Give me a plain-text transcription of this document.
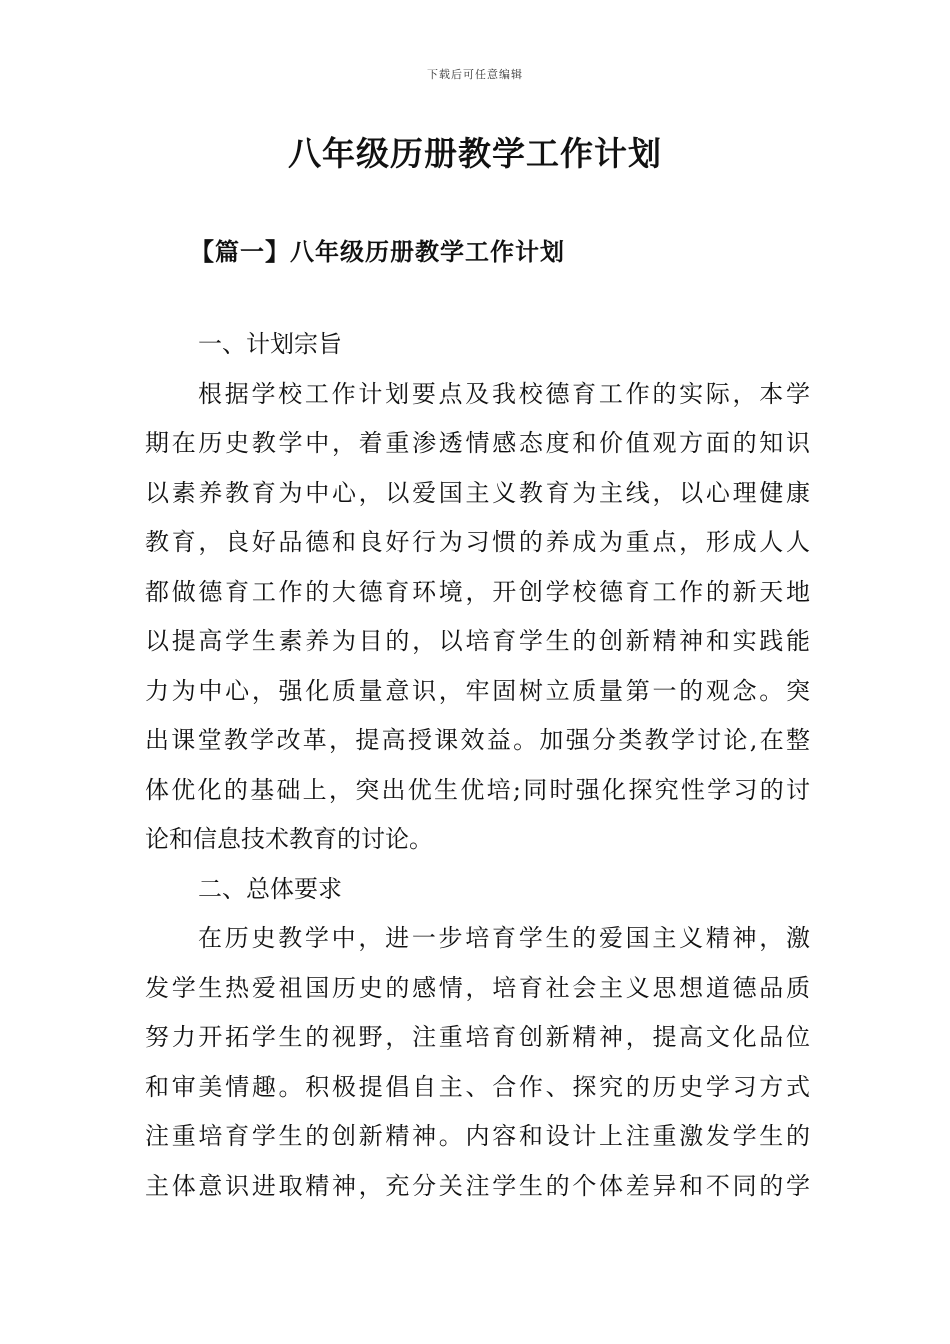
下载后可任意编辑
八年级历册教学工作计划
【篇一】八年级历册教学工作计划
一、计划宗旨
根据学校工作计划要点及我校德育工作的实际，本学
期在历史教学中，着重渗透情感态度和价值观方面的知识
以素养教育为中心，以爱国主义教育为主线，以心理健康
教育，良好品德和良好行为习惯的养成为重点，形成人人
都做德育工作的大德育环境，开创学校德育工作的新天地
以提高学生素养为目的，以培育学生的创新精神和实践能
力为中心，强化质量意识，牢固树立质量第一的观念。突
出课堂教学改革，提高授课效益。加强分类教学讨论,在整
体优化的基础上，突出优生优培;同时强化探究性学习的讨
论和信息技术教育的讨论。
二、总体要求
在历史教学中，进一步培育学生的爱国主义精神，激
发学生热爱祖国历史的感情，培育社会主义思想道德品质
努力开拓学生的视野，注重培育创新精神，提高文化品位
和审美情趣。积极提倡自主、合作、探究的历史学习方式
注重培育学生的创新精神。内容和设计上注重激发学生的
主体意识进取精神，充分关注学生的个体差异和不同的学
